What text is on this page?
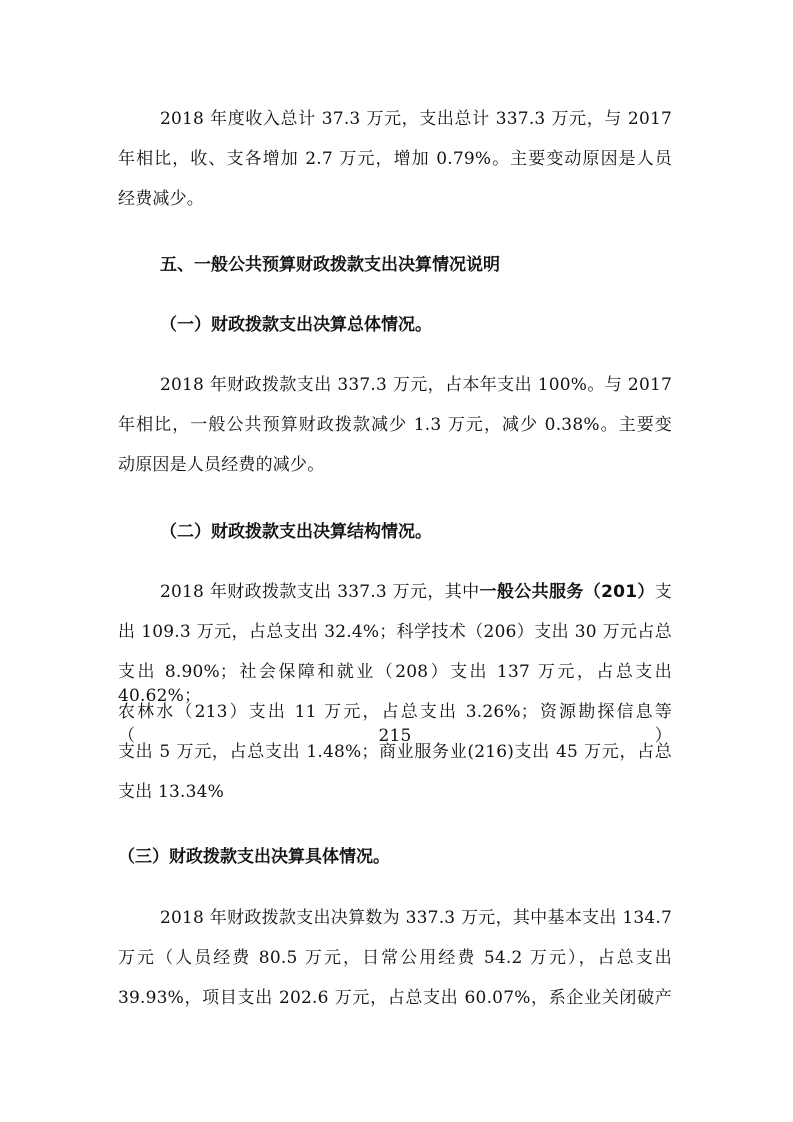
2018 年度收入总计 37.3 万元，支出总计 337.3 万元，与 2017
年相比，收、支各增加 2.7 万元，增加 0.79%。主要变动原因是人员
经费减少。
五、一般公共预算财政拨款支出决算情况说明
（一）财政拨款支出决算总体情况。
2018 年财政拨款支出 337.3 万元，占本年支出 100%。与 2017
年相比，一般公共预算财政拨款减少 1.3 万元，减少 0.38%。主要变
动原因是人员经费的减少。
（二）财政拨款支出决算结构情况。
2018 年财政拨款支出 337.3 万元，其中一般公共服务（201）支
出 109.3 万元，占总支出 32.4%；科学技术（206）支出 30 万元占总
支出 8.90%；社会保障和就业（208）支出 137 万元，占总支出 40.62%；
农林水（213）支出 11 万元，占总支出 3.26%；资源勘探信息等（215）
支出 5 万元，占总支出 1.48%；商业服务业(216)支出 45 万元，占总
支出 13.34%
（三）财政拨款支出决算具体情况。
2018 年财政拨款支出决算数为 337.3 万元，其中基本支出 134.7
万元（人员经费 80.5 万元，日常公用经费 54.2 万元），占总支出
39.93%，项目支出 202.6 万元，占总支出 60.07%，系企业关闭破产
